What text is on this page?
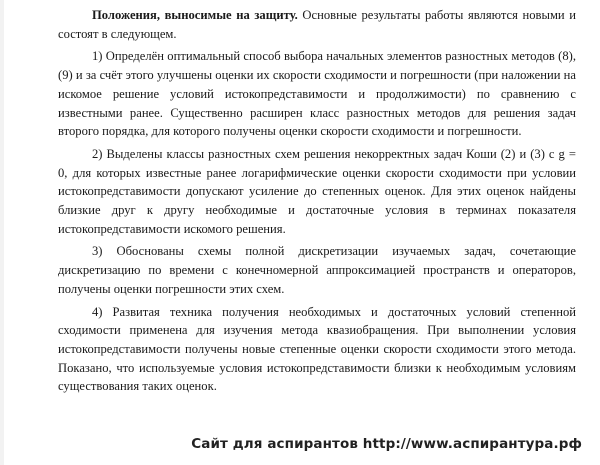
Положения, выносимые на защиту. Основные результаты работы являются новыми и состоят в следующем.

1) Определён оптимальный способ выбора начальных элементов разностных методов (8), (9) и за счёт этого улучшены оценки их скорости сходимости и погрешности (при наложении на искомое решение условий истокопредставимости и продолжимости) по сравнению с известными ранее. Существенно расширен класс разностных методов для решения задач второго порядка, для которого получены оценки скорости сходимости и погрешности.

2) Выделены классы разностных схем решения некорректных задач Коши (2) и (3) с g = 0, для которых известные ранее логарифмические оценки скорости сходимости при условии истокопредставимости допускают усиление до степенных оценок. Для этих оценок найдены близкие друг к другу необходимые и достаточные условия в терминах показателя истокопредставимости искомого решения.

3) Обоснованы схемы полной дискретизации изучаемых задач, сочетающие дискретизацию по времени с конечномерной аппроксимацией пространств и операторов, получены оценки погрешности этих схем.

4) Развитая техника получения необходимых и достаточных условий степенной сходимости применена для изучения метода квазиобращения. При выполнении условия истокопредставимости получены новые степенные оценки скорости сходимости этого метода. Показано, что используемые условия истокопредставимости близки к необходимым условиям существования таких оценок.

Сайт для аспирантов http://www.аспирантура.рф
